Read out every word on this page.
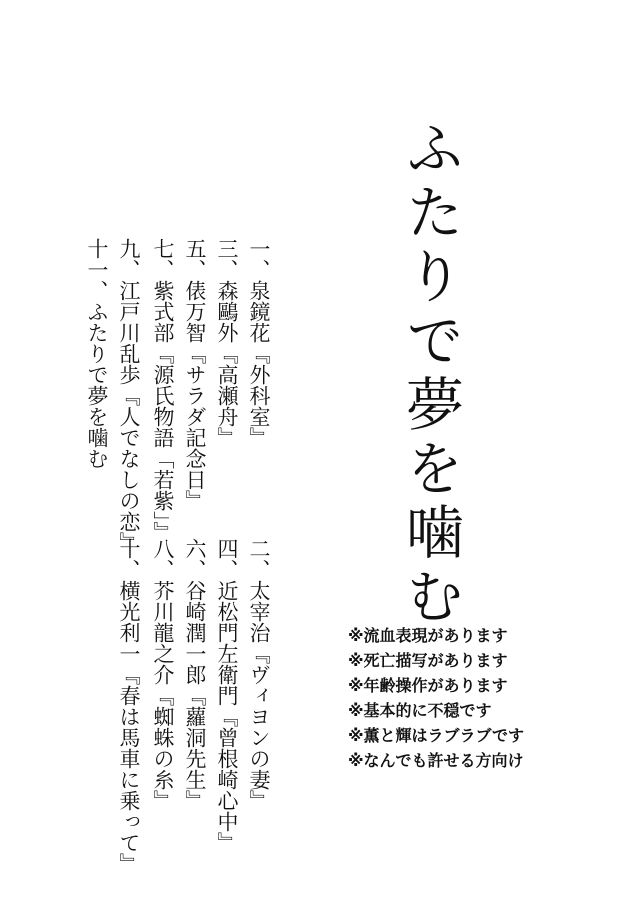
ふたりで夢を噛む
一、泉鏡花『外科室』
三、森鷗外『高瀬舟』
五、俵万智『サラダ記念日』
七、紫式部『源氏物語「若紫」』
九、江戸川乱歩『人でなしの恋』
十一、ふたりで夢を噛む
二、太宰治『ヴィヨンの妻』
四、近松門左衛門『曾根崎心中』
六、谷崎潤一郎『蘿洞先生』
八、芥川龍之介『蜘蛛の糸』
十、横光利一『春は馬車に乗って』	※流血表現があります
※死亡描写があります
※年齢操作があります
※基本的に不穏です
※薫と輝はラブラブです
※なんでも許せる方向け
